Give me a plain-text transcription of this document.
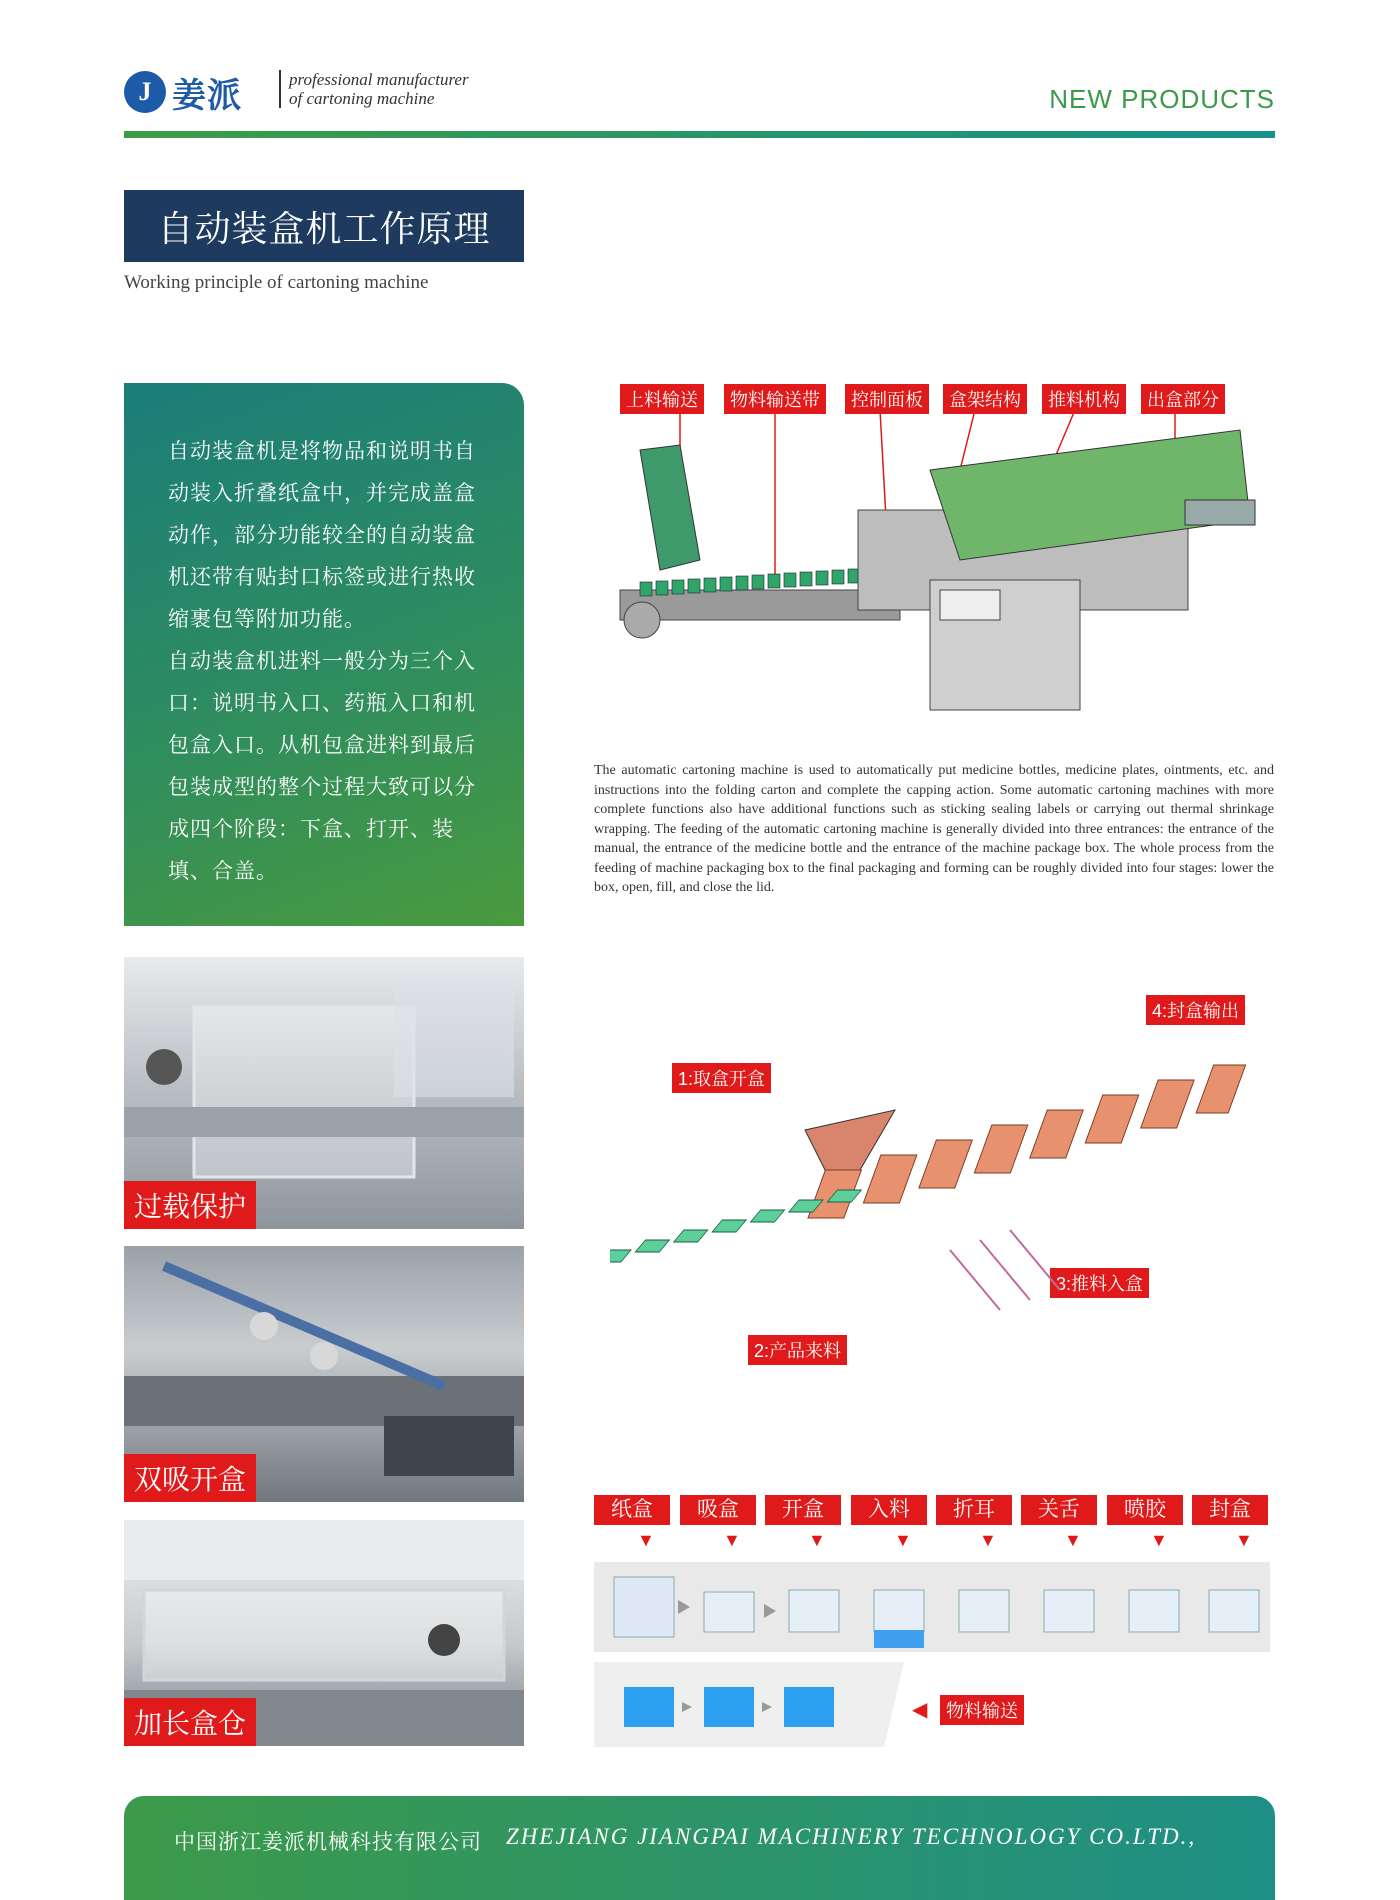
J 姜派	professional manufacturer
of cartoning machine	NEW PRODUCTS
自动装盒机工作原理
Working principle of cartoning machine

自动装盒机是将物品和说明书自动装入折叠纸盒中，并完成盖盒动作，部分功能较全的自动装盒机还带有贴封口标签或进行热收缩裹包等附加功能。

自动装盒机进料一般分为三个入口：说明书入口、药瓶入口和机包盒入口。从机包盒进料到最后包装成型的整个过程大致可以分成四个阶段：下盒、打开、装填、合盖。

过载保护
双吸开盒
加长盒仓
上料输送	物料输送带	控制面板	盒架结构	推料机构	出盒部分
The automatic cartoning machine is used to automatically put medicine bottles, medicine plates, ointments, etc. and instructions into the folding carton and complete the capping action. Some automatic cartoning machines with more complete functions also have additional functions such as sticking sealing labels or carrying out thermal shrinkage wrapping. The feeding of the automatic cartoning machine is generally divided into three entrances: the entrance of the manual, the entrance of the medicine bottle and the entrance of the machine package box. The whole process from the feeding of machine packaging box to the final packaging and forming can be roughly divided into four stages: lower the box, open, fill, and close the lid.
4:封盒输出
1:取盒开盒
3:推料入盒
2:产品来料
纸盒	吸盒	开盒	入料	折耳	关舌	喷胶	封盒
▼	▼	▼	▼	▼	▼	▼	▼
物料输送
◀
中国浙江姜派机械科技有限公司 ZHEJIANG JIANGPAI MACHINERY TECHNOLOGY CO.LTD.,
